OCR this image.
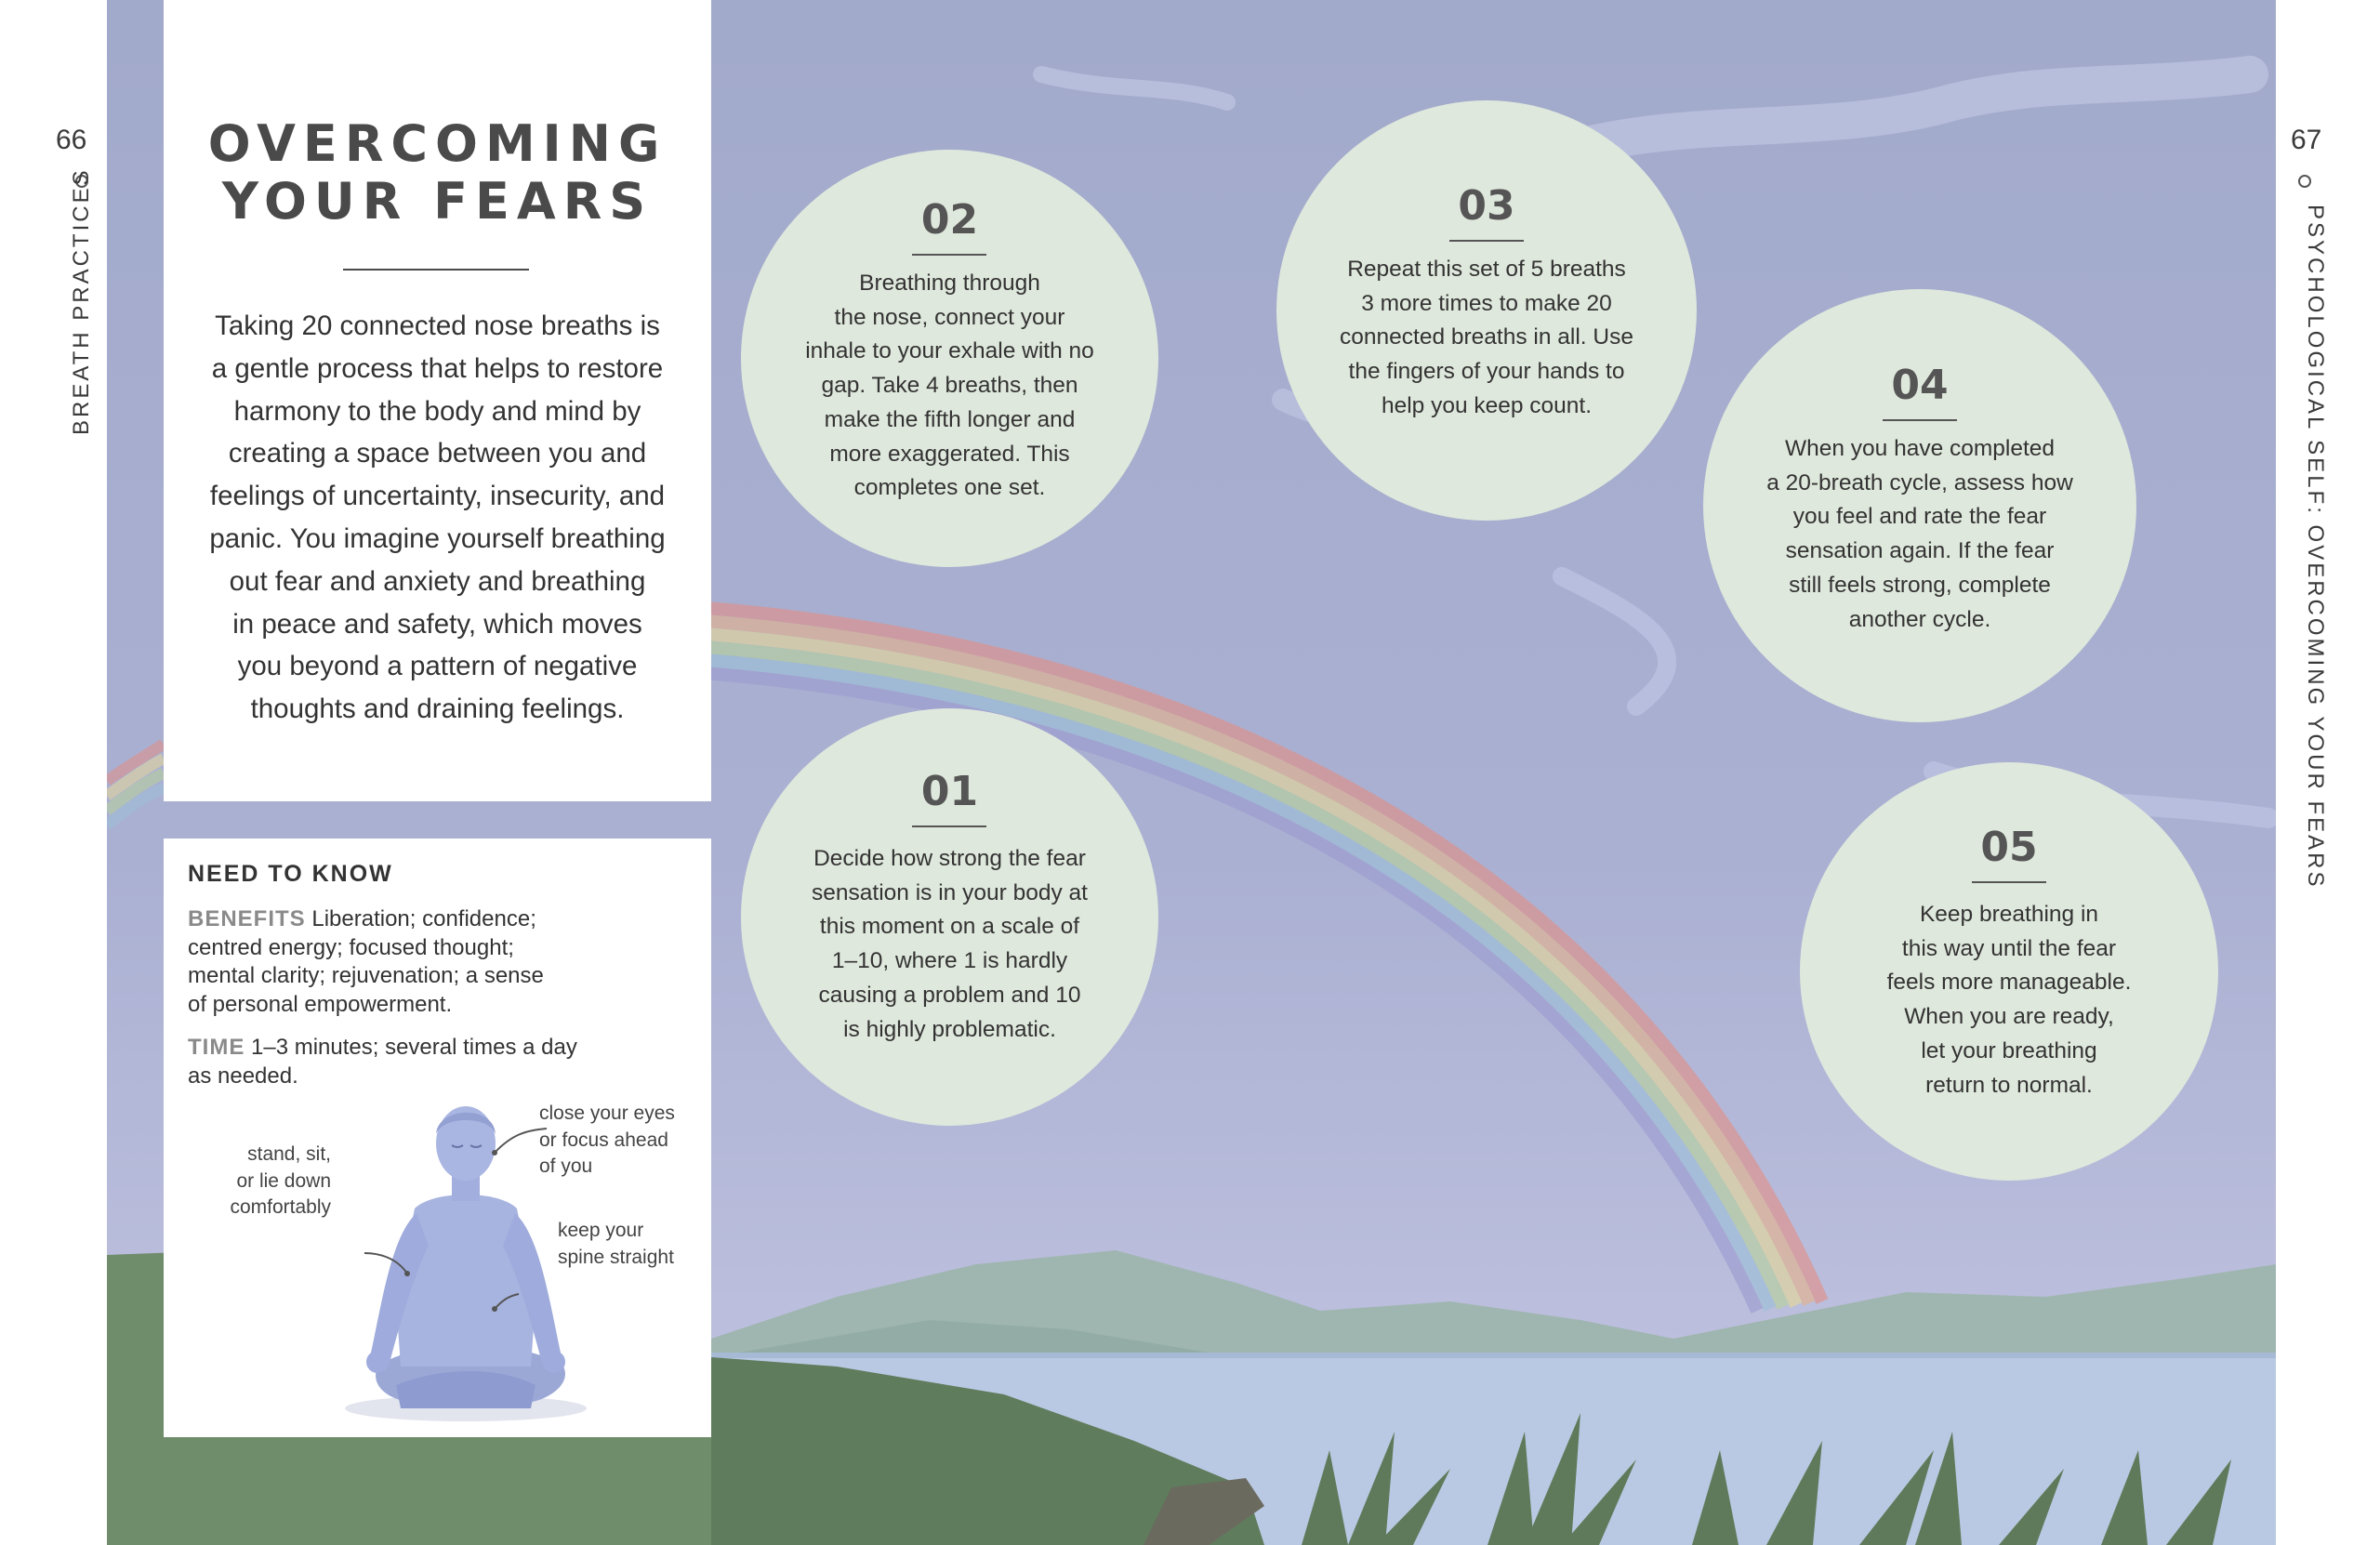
66
BREATH PRACTICES
67
PSYCHOLOGICAL SELF: OVERCOMING YOUR FEARS
OVERCOMING
YOUR FEARS
Taking 20 connected nose breaths is
a gentle process that helps to restore
harmony to the body and mind by
creating a space between you and
feelings of uncertainty, insecurity, and
panic. You imagine yourself breathing
out fear and anxiety and breathing
in peace and safety, which moves
you beyond a pattern of negative
thoughts and draining feelings.
NEED TO KNOW
BENEFITS Liberation; confidence;
centred energy; focused thought;
mental clarity; rejuvenation; a sense
of personal empowerment.
TIME 1–3 minutes; several times a day
as needed.
stand, sit,
or lie down
comfortably
close your eyes
or focus ahead
of you
keep your
spine straight
02
Breathing through
the nose, connect your
inhale to your exhale with no
gap. Take 4 breaths, then
make the fifth longer and
more exaggerated. This
completes one set.
03
Repeat this set of 5 breaths
3 more times to make 20
connected breaths in all. Use
the fingers of your hands to
help you keep count.	04
When you have completed
a 20-breath cycle, assess how
you feel and rate the fear
sensation again. If the fear
still feels strong, complete
another cycle.
01
Decide how strong the fear
sensation is in your body at
this moment on a scale of
1–10, where 1 is hardly
causing a problem and 10
is highly problematic.
05
Keep breathing in
this way until the fear
feels more manageable.
When you are ready,
let your breathing
return to normal.
